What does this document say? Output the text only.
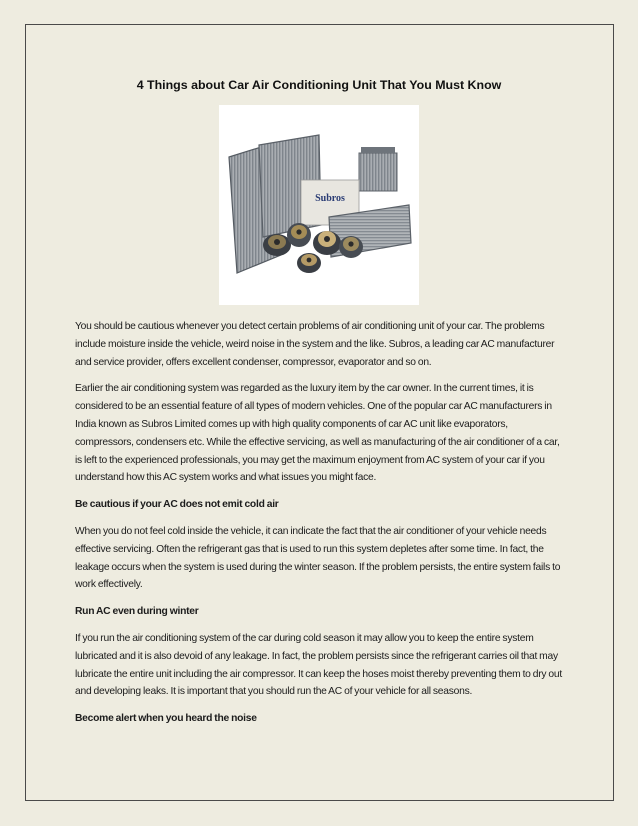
4 Things about Car Air Conditioning Unit That You Must Know
Subros

You should be cautious whenever you detect certain problems of air conditioning unit of your car. The problems include moisture inside the vehicle, weird noise in the system and the like. Subros, a leading car AC manufacturer and service provider, offers excellent condenser, compressor, evaporator and so on.

Earlier the air conditioning system was regarded as the luxury item by the car owner. In the current times, it is considered to be an essential feature of all types of modern vehicles. One of the popular car AC manufacturers in India known as Subros Limited comes up with high quality components of car AC unit like evaporators, compressors, condensers etc. While the effective servicing, as well as manufacturing of the air conditioner of a car, is left to the experienced professionals, you may get the maximum enjoyment from AC system of your car if you understand how this AC system works and what issues you might face.

Be cautious if your AC does not emit cold air

When you do not feel cold inside the vehicle, it can indicate the fact that the air conditioner of your vehicle needs effective servicing. Often the refrigerant gas that is used to run this system depletes after some time. In fact, the leakage occurs when the system is used during the winter season. If the problem persists, the entire system fails to work effectively.

Run AC even during winter

If you run the air conditioning system of the car during cold season it may allow you to keep the entire system lubricated and it is also devoid of any leakage. In fact, the problem persists since the refrigerant carries oil that may lubricate the entire unit including the air compressor. It can keep the hoses moist thereby preventing them to dry out and developing leaks. It is important that you should run the AC of your vehicle for all seasons.

Become alert when you heard the noise
